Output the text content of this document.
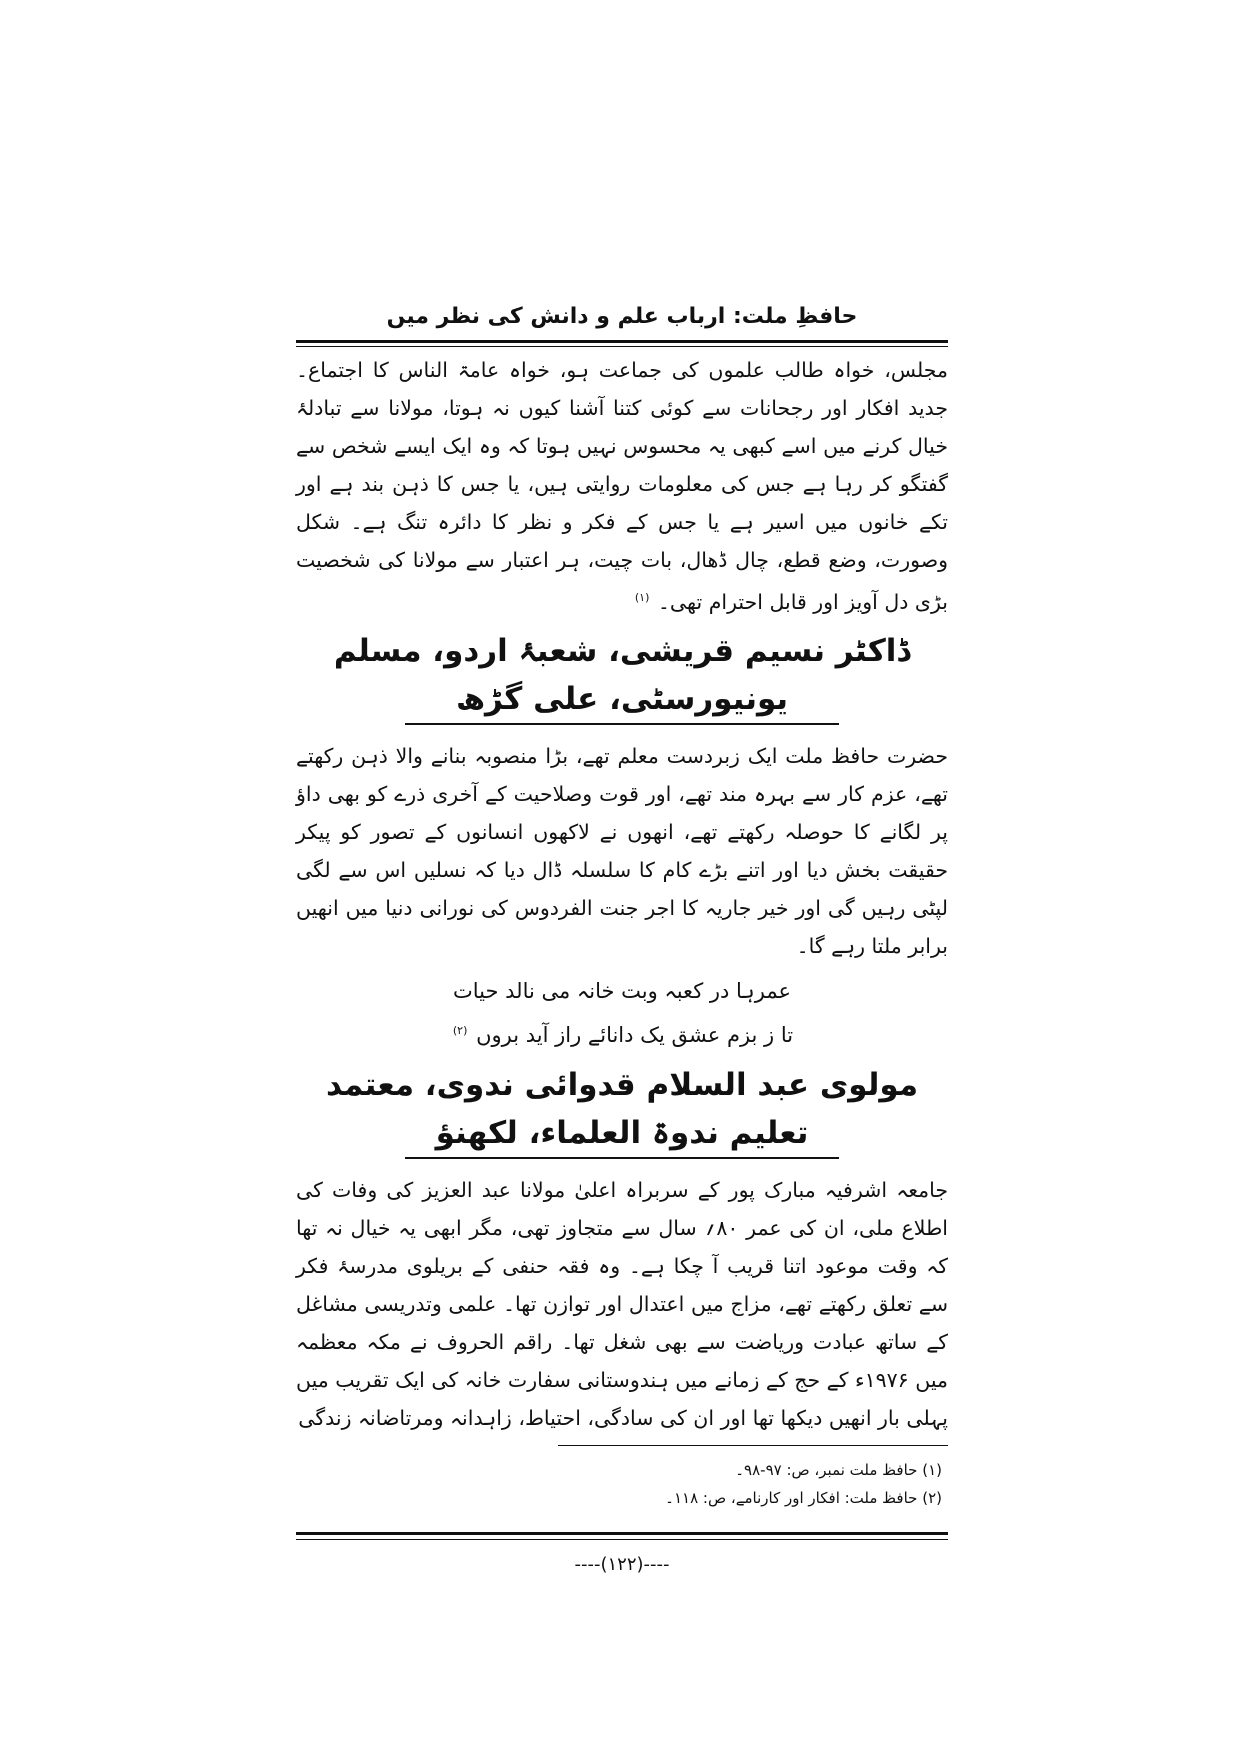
حافظِ ملت: ارباب علم و دانش کی نظر میں

مجلس، خواہ طالب علموں کی جماعت ہو، خواہ عامۃ الناس کا اجتماع۔ جدید افکار اور رجحانات سے کوئی کتنا آشنا کیوں نہ ہوتا، مولانا سے تبادلۂ خیال کرنے میں اسے کبھی یہ محسوس نہیں ہوتا کہ وہ ایک ایسے شخص سے گفتگو کر رہا ہے جس کی معلومات روایتی ہیں، یا جس کا ذہن بند ہے اور تکے خانوں میں اسیر ہے یا جس کے فکر و نظر کا دائرہ تنگ ہے۔ شکل وصورت، وضع قطع، چال ڈھال، بات چیت، ہر اعتبار سے مولانا کی شخصیت بڑی دل آویز اور قابل احترام تھی۔ $^{(۱)}$

ڈاکٹر نسیم قریشی، شعبۂ اردو، مسلم یونیورسٹی، علی گڑھ

حضرت حافظ ملت ایک زبردست معلم تھے، بڑا منصوبہ بنانے والا ذہن رکھتے تھے، عزم کار سے بہرہ مند تھے، اور قوت وصلاحیت کے آخری ذرے کو بھی داؤ پر لگانے کا حوصلہ رکھتے تھے، انھوں نے لاکھوں انسانوں کے تصور کو پیکر حقیقت بخش دیا اور اتنے بڑے کام کا سلسلہ ڈال دیا کہ نسلیں اس سے لگی لپٹی رہیں گی اور خیر جاریہ کا اجر جنت الفردوس کی نورانی دنیا میں انھیں برابر ملتا رہے گا۔

عمرہا در کعبہ وبت خانہ می نالد حیات
تا ز بزم عشق یک دانائے راز آید بروں $^{(۲)}$
مولوی عبد السلام قدوائی ندوی، معتمد تعلیم ندوۃ العلماء، لکھنؤ

جامعہ اشرفیہ مبارک پور کے سربراہ اعلیٰ مولانا عبد العزیز کی وفات کی اطلاع ملی، ان کی عمر ۸۰؍ سال سے متجاوز تھی، مگر ابھی یہ خیال نہ تھا کہ وقت موعود اتنا قریب آ چکا ہے۔ وہ فقہ حنفی کے بریلوی مدرسۂ فکر سے تعلق رکھتے تھے، مزاج میں اعتدال اور توازن تھا۔ علمی وتدریسی مشاغل کے ساتھ عبادت وریاضت سے بھی شغل تھا۔ راقم الحروف نے مکہ معظمہ میں ۱۹۷۶ء کے حج کے زمانے میں ہندوستانی سفارت خانہ کی ایک تقریب میں پہلی بار انھیں دیکھا تھا اور ان کی سادگی، احتیاط، زاہدانہ ومرتاضانہ زندگی

(۱) حافظ ملت نمبر، ص: ۹۷-۹۸۔
(۲) حافظ ملت: افکار اور کارنامے، ص: ۱۱۸۔
----(۱۲۲)----
